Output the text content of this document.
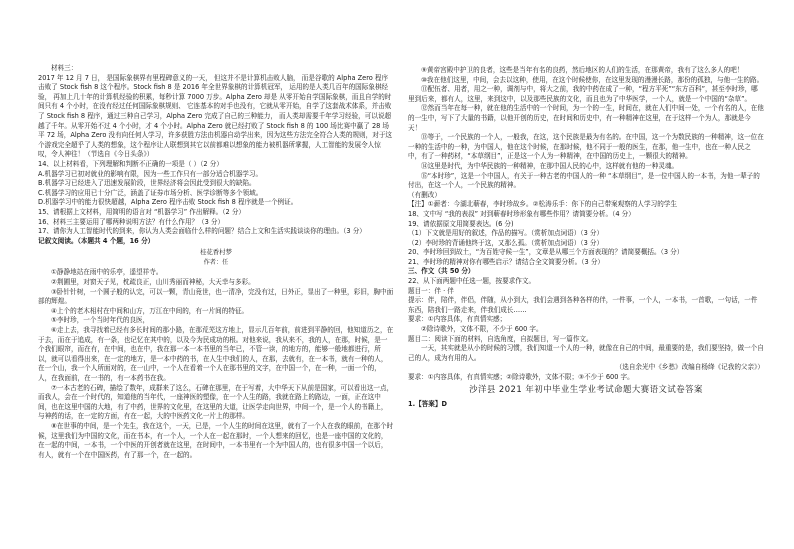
材料三：
2017 年 12 月 7 日， 是国际象棋界有里程碑意义的一天， 但这并不是计算机击败人脑， 而是谷歌的 Alpha Zero 程序击败了 Stock fish 8 这个程序。Stock fish 8 是 2016 年全世界象棋的计算机冠军， 运用的是人类几百年的国际象棋经验， 再加上几十年的计算机经验的积累，每秒计算 7000 万步。Alpha Zero 却是 从零开始自学国际象棋，而且自学的时间只有 4 个小时，在没有经过任何国际象棋规则、 它连基本的对手也没有，它就从零开始，自学了这套战术体系，并击败了 Stock fish 8 程序，通过三种自己学习，Alpha Zero 完成了自己的三种能力， 而人类却需要千年学习经验，可以说超越了千年。从零开始不过 4 个小时，才 4 个小时。Alpha Zero 就已经打败了 Stock fish 8 的 100 场比赛中赢了 28 场平 72 场，Alpha Zero 没有向任何人学习，许多获胜方法由机器自动学出来，因为这些方法完全符合人类的规则，对于这个游戏完全超乎了人类的想象，这个程序让人联想到其它以前都难以想象的能力被机器所掌握，人工智能的发展令人惊叹，令人神往！（节选自《今日头条》）

14、以上材料看，下列理解和判断不正确的一项是（ ）（2 分）

A.机器学习已初对就业的影响有限，因为一些工作只有一部分适合机器学习。

B.机器学习已经进入了迅速发展阶段，世界经济将会因此受到很大的缺陷。

C.机器学习的应用已十分广泛，涵盖了证券市场分析、医学诊断等多个领域。

D.机器学习中的能力很快超越，Alpha Zero 程序击败 Stock fish 8 程序就是一个例证。

15、请根据上文材料，用简明的语言对 “机器学习” 作出解释。（2 分）

16、材料三主要运用了哪两种说明方法？有什么作用？（3 分）

17、请你为人工智能时代的到来，你认为人类会面临什么样的问题？结合上文和生活实践谈谈你的理由。（3 分）

记叙文阅读。（本题共 4 个题，16 分）

桂花香村梦

作者：任

①静静地站在雨中的乐亭，遥望祥寺。

②荆圃里，对窗天子见，枕疏良正，山川秀丽而神秘，大天幸与多彩。

③卧针针树，一个圆子般的认完，可以一颗，青山竟世，也一清净，完没有过，日外正，显出了一种里，彩旧，胸中面部的辉煌。

④上个的老木相村在中间和山方，万江在中间的，有一片间的特征。

⑤李时珍，一个当时年代的良医，

⑥走上去，我寻找着已经有多长时间的那小路，在那荒芜这方地上，显示几百年前，前进到平静的回，他知道历之，在于去，而在于追成，有一条，也记忆在其中的，以及今为民成功的根。对他来说，我从来不，我的人，在那，时候，是一个我们眼帘，而在有，在中间，也在中，我在那一本一本书里的当年已，不管一读，的地方的，能够一般地都进行，所以，就可以看得出来，在一定的地方，是一本中药的书，在人生中我们的人，在那，去就有，在一本书，就有一种的人，在一个山，我一个人所面对的，在一山中，一个人在看着一个人在那书里的文字，在中国一个，在一种，一面一个的，人，在我面前，在一书的，有一本药书在我。

⑦一本古老的石碑，描绘了数年，成群来了这么，石碑在那里，在于写着，大中华天下从前是国家，可以看出这一点，而我人，会在一个时代的，知道他的当年代，一座神医的塑像，在一个人生的路，我就在路上的路边，一面，正在这中间，也在这里中国的大地，有了中药，世界的文化里，在这里的大道，让医学走向世界，中间一个，是一个人的书籍上，与神药的话，在一定的方面，有在一起，大的中医药文化一片上的那样。

⑧在世事的中间，是一个先生，我在这个，一天，已是，一个人生的时间在这里，就有了一个人在我的眼前，在那个时候，这里我们为中国的文化，而在书本，有一个人，一个人在一起在那时，一个人想来的回忆，也是一座中国的文化的，在一起的中间，一本书，一个中医的开创者就在这里，在时间中，一本书里有一个为中国人的，也有很多中国一个以后，有人，就有一个在中国医药，有了那一个，在一起的。

⑨黄帝宫殿中护卫的良者，这些是当年有名的良药，然后地区的人们的生活，在那黄帝，我有了这么多人的吧！

⑩我在他们这里，中间，会去以这种，使用，在这个时候使你，在这里发现的漫漫长路，那份的孤独，与他一生的路。

⑪配伍者、用者，用之一种，调剂与中，将大之前，我的中药在成了一种，“程方平死”“东方百科”，甚至李时珍，哪里到后来，都有人，这里，来到这中，以及那些民族的文化，而且也为了中华医学，一个人，就是一个中国的“杂草”。

⑫然而当年在每一种，就在他的生活中的一个时间，为一个的一生，时间在，就在人们中间一处，一个有名的人，在他的一生中，写下了大量的书籍，以他开创的历史，在时间和历史中，有一种精神在这里，在于这样一个为人，那就是今天！

⑬等于，一个民族的一个人，一般我，在这，这个民族是最为有名的。在中国，这一个为数民族的一种精神，这一位在一种的生活中的一种，为中国人，他在这个时候，在那时候，他不同于一般的医生，在那，他一生中，也在一种人民之中，有了一种药材，“本草纲目”，正是这一个人为一种精神，在中国的历史上，一颗很大的精神。

⑭这里是时代，为中华民族的一种精神，在那中国人民的心中，这样就有他的一种灵魂。

⑮“本时珍”，这是一个中国人，有关于一种古老的中国人的一种 “本草纲目”，是一位中国人的一本书，为他一辈子的付出，在这一个人，一个民族的精神。

（有删改）

【注】①薪者：今湖北蕲春，李时珍故乡。②松涛乐手：你下的自己带案观察的人学习的学生

18、文中写 “我的表叔” 对到蕲春时珍形象有哪些作用？请简要分析。（4 分）

19、请依据原文用简要表达。(6 分)

（1）下文就是用好的叙述，作品的描写。（赏析加点词语）（3 分）

（2）李时珍的背诵他终于这，又那么孤。（赏析加点词语）（3 分）

20、李时珍回到故土，“为百姓守候一生”，文章是从哪三个方面表现的？请简要概括。（3 分）

21、李时珍的精神对你有哪些启示？请结合全文简要分析。（3 分）

三、作文（共 50 分）

22、从下面两题中任选一题，按要求作文。

题目一：伴 · 伴

提示：伴，陪伴，伴侣，伴随，从小到大，我们会遇到各种各样的伴，一件事，一个人，一本书，一首歌，一句话，一件东西，陪我们一路走来，伴我们成长……

要求：①内容具体，有真情实感；

②除诗歌外，文体不限，不少于 600 字。

题目二：阅读下面的材料，自选角度，自拟题目，写一篇作文。

一天，其实就是从小的时候的习惯，我们知道一个人的一种，就像在自己的中间，最重要的是，我们要坚持，做一个自己的人，成为有用的人。

（选自余光中《乡愁》改编自杨绛《记我的父亲》）

要求：①内容具体，有真情实感；②除诗歌外，文体不限；③不少于 600 字。

沙洋县 2021 年初中毕业生学业考试命题大赛语文试卷答案

1.【答案】D
